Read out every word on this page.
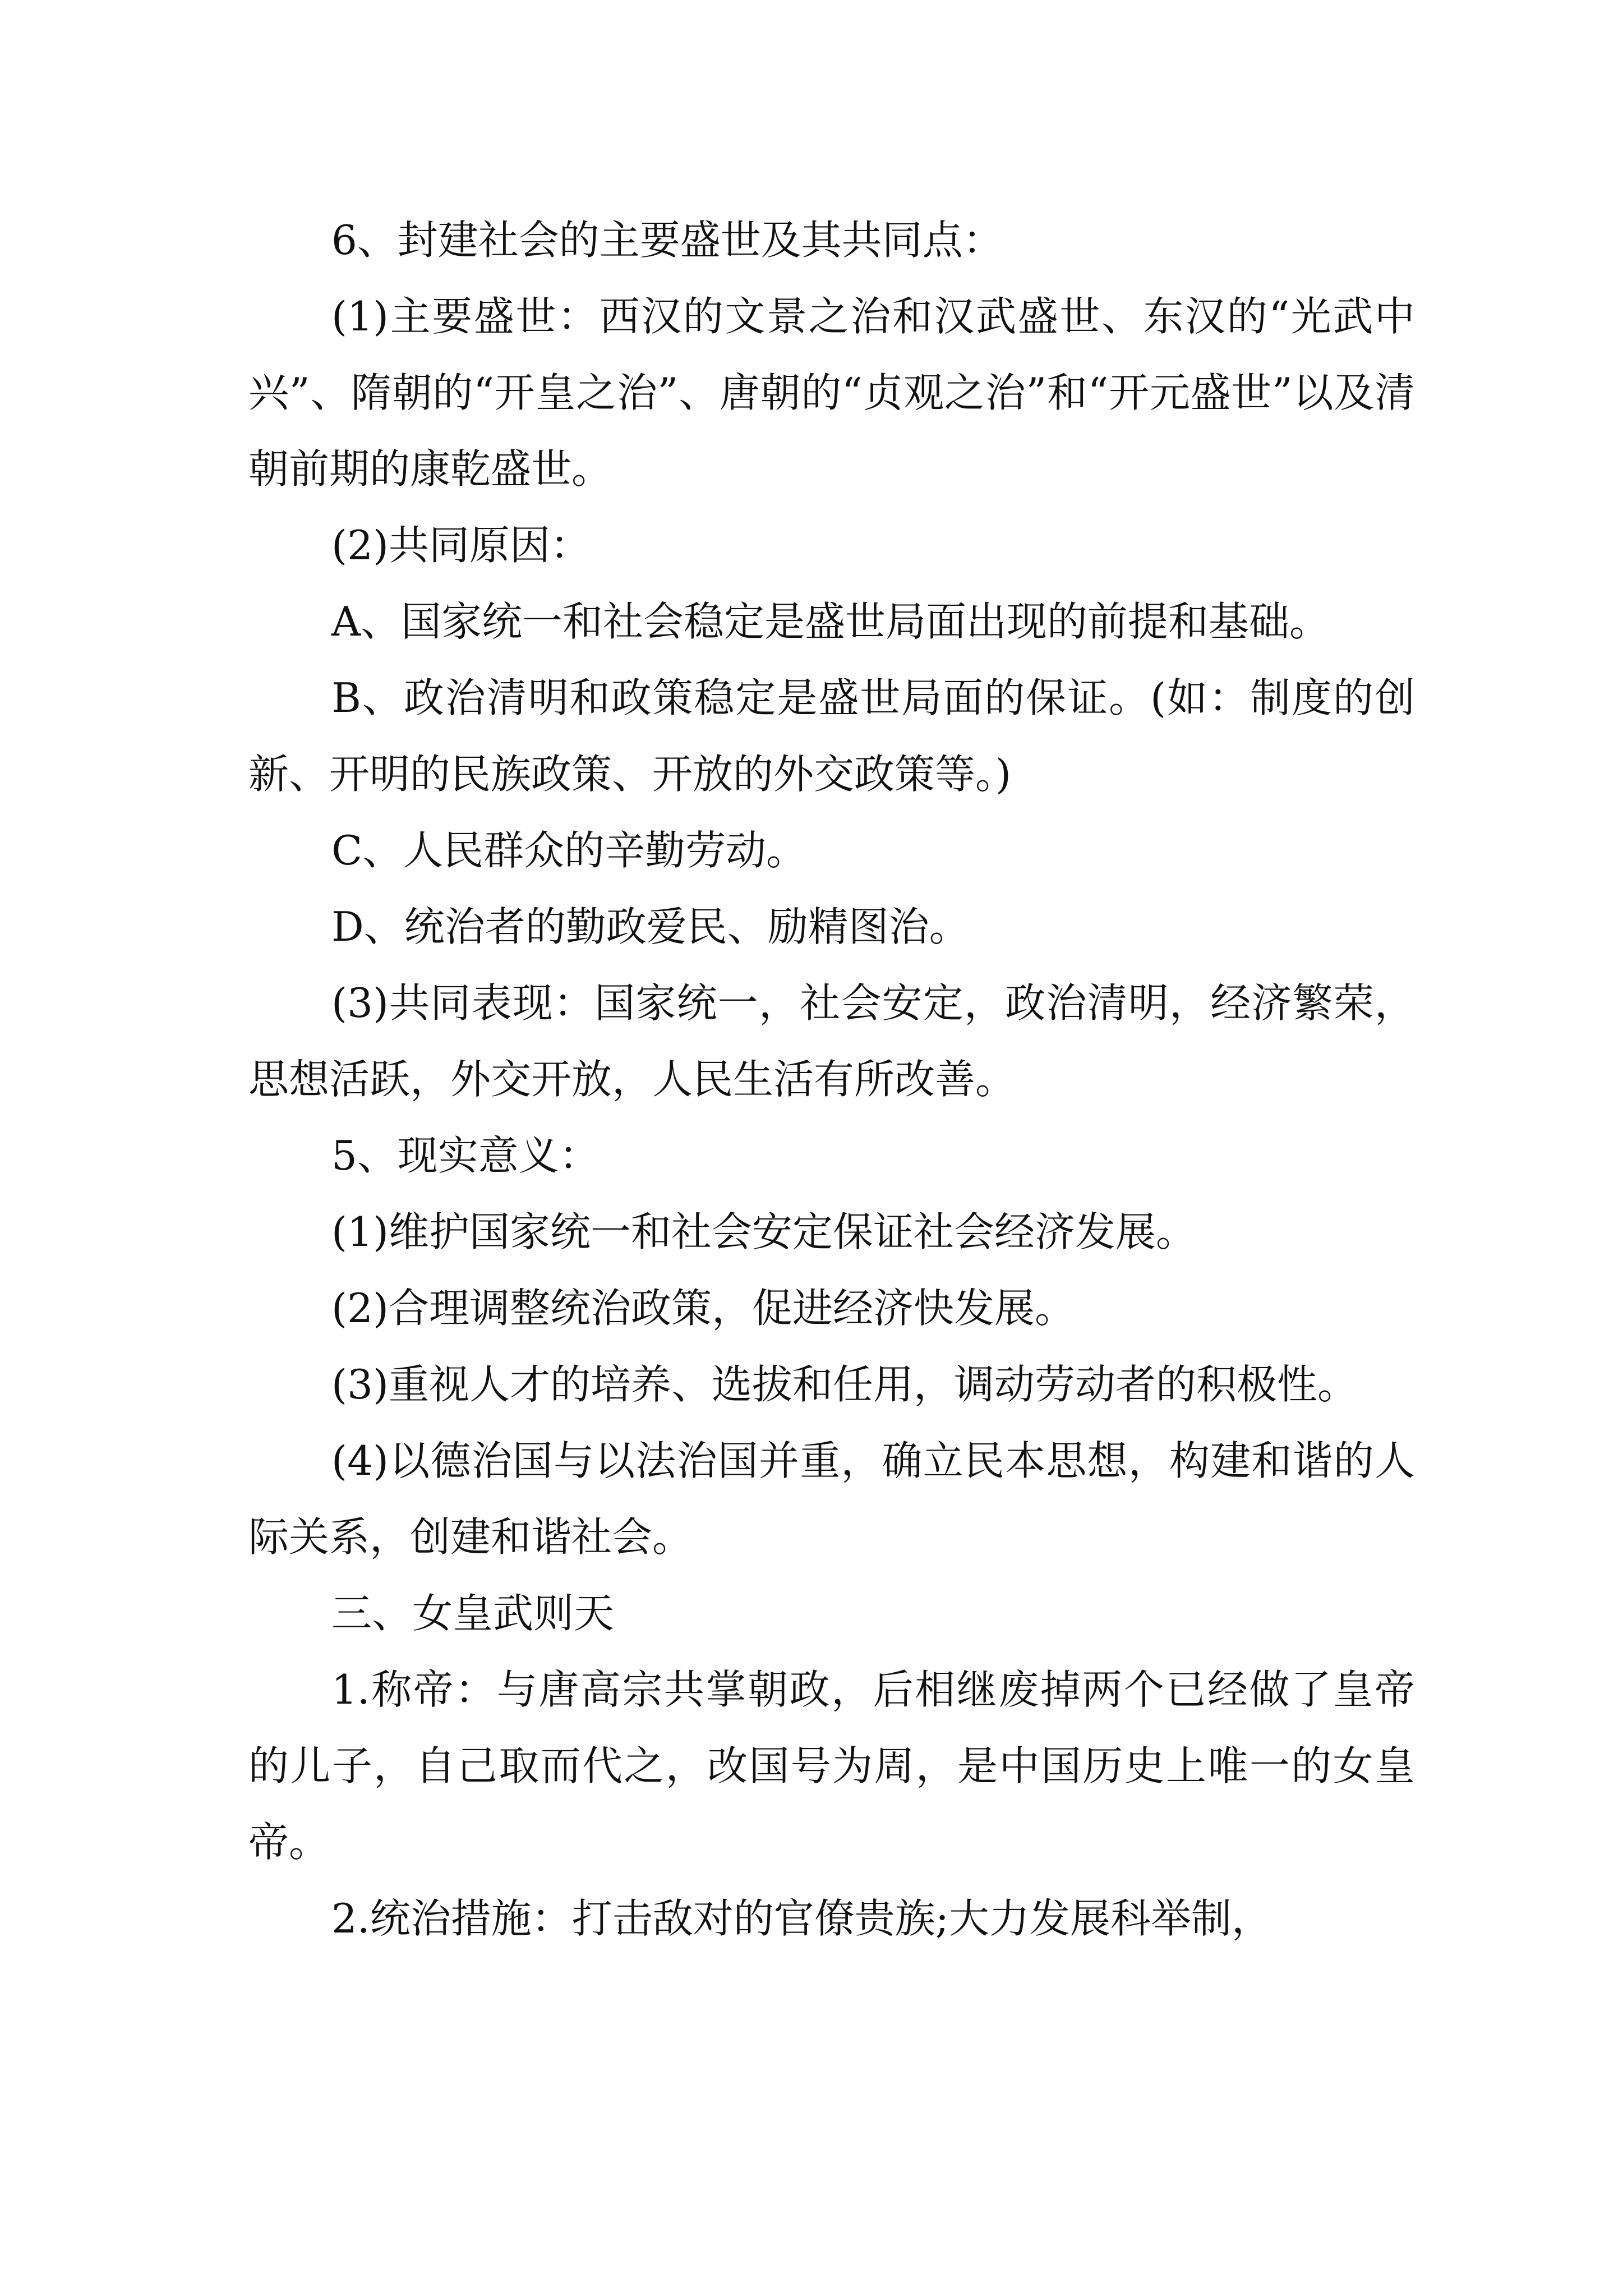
6、封建社会的主要盛世及其共同点：

(1)主要盛世：西汉的文景之治和汉武盛世、东汉的“光武中兴”、隋朝的“开皇之治”、唐朝的“贞观之治”和“开元盛世”以及清朝前期的康乾盛世。

(2)共同原因：

A、国家统一和社会稳定是盛世局面出现的前提和基础。

B、政治清明和政策稳定是盛世局面的保证。(如：制度的创新、开明的民族政策、开放的外交政策等。)

C、人民群众的辛勤劳动。

D、统治者的勤政爱民、励精图治。

(3)共同表现：国家统一，社会安定，政治清明，经济繁荣，思想活跃，外交开放，人民生活有所改善。

5、现实意义：

(1)维护国家统一和社会安定保证社会经济发展。

(2)合理调整统治政策，促进经济快发展。

(3)重视人才的培养、选拔和任用，调动劳动者的积极性。

(4)以德治国与以法治国并重，确立民本思想，构建和谐的人际关系，创建和谐社会。

三、女皇武则天

1.称帝：与唐高宗共掌朝政，后相继废掉两个已经做了皇帝的儿子，自己取而代之，改国号为周，是中国历史上唯一的女皇帝。

2.统治措施：打击敌对的官僚贵族;大力发展科举制，
